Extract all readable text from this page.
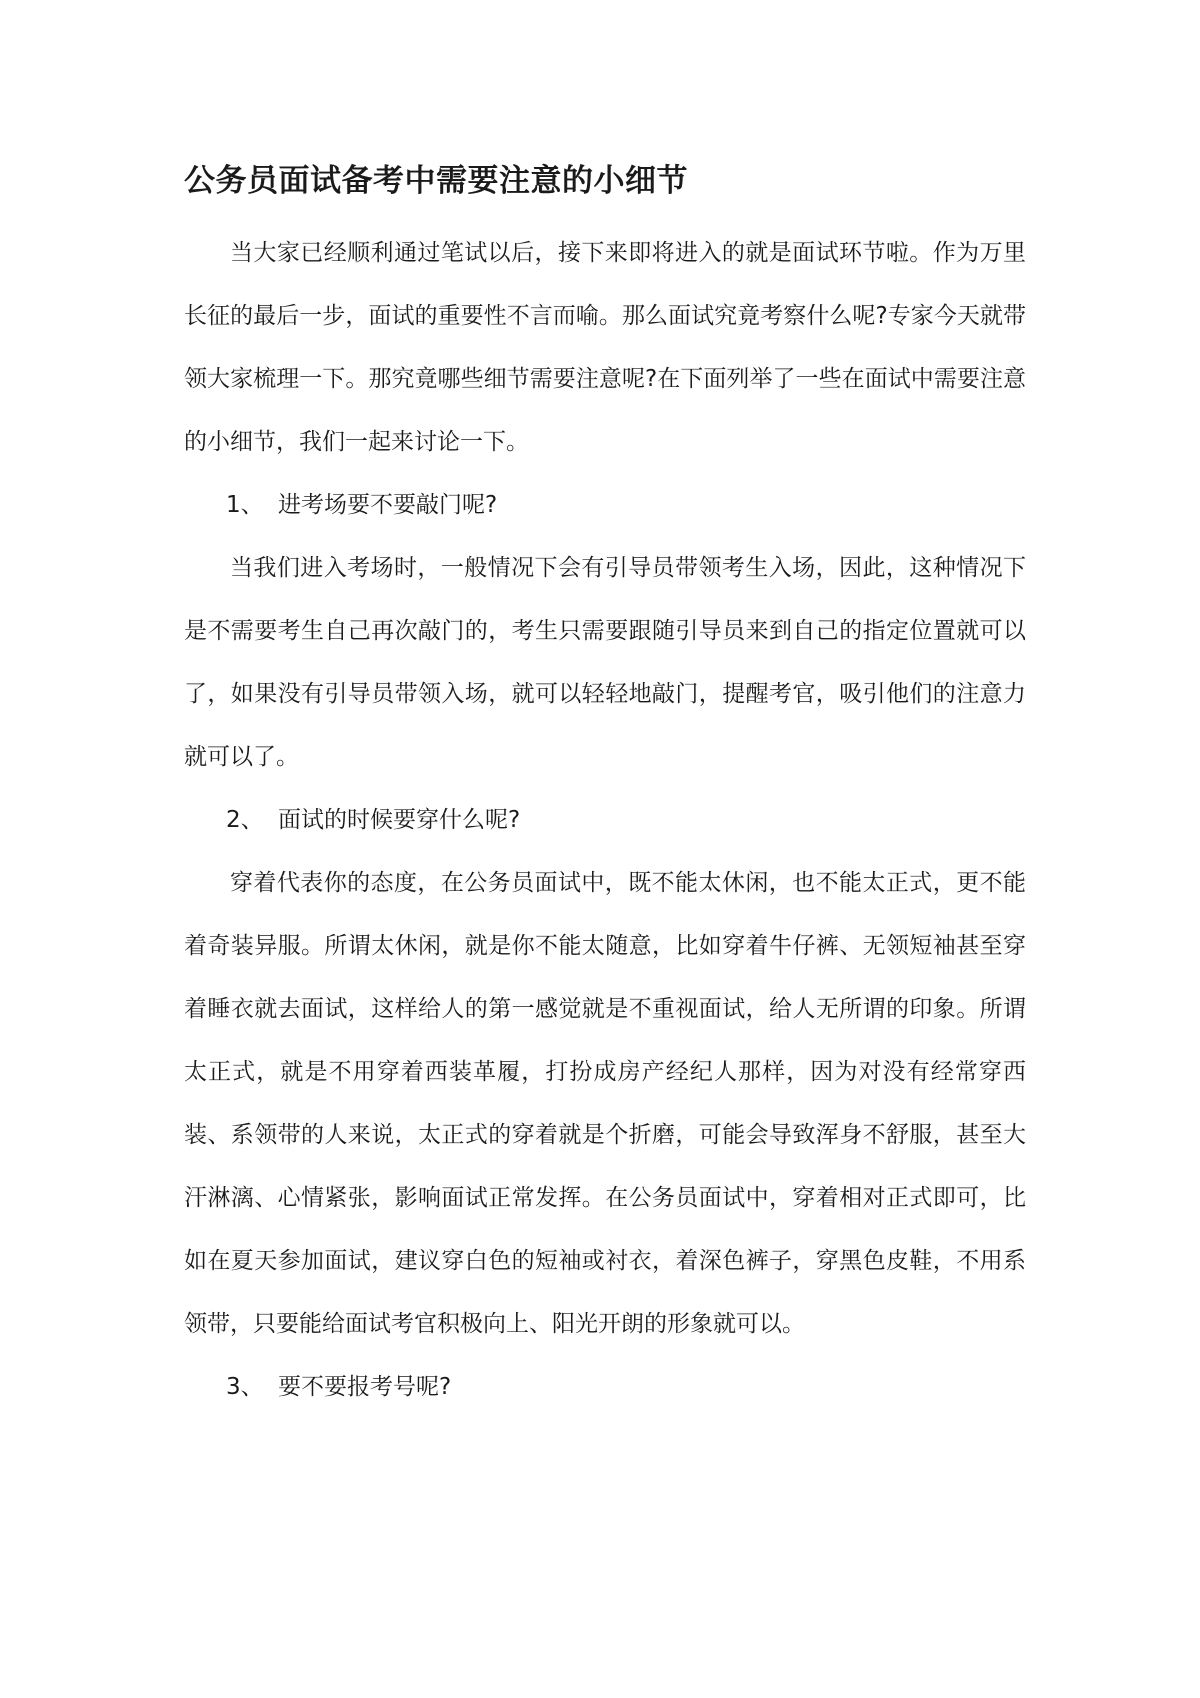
公务员面试备考中需要注意的小细节

当大家已经顺利通过笔试以后，接下来即将进入的就是面试环节啦。作为万里长征的最后一步，面试的重要性不言而喻。那么面试究竟考察什么呢?专家今天就带领大家梳理一下。那究竟哪些细节需要注意呢?在下面列举了一些在面试中需要注意的小细节，我们一起来讨论一下。

1、 进考场要不要敲门呢?

当我们进入考场时，一般情况下会有引导员带领考生入场，因此，这种情况下是不需要考生自己再次敲门的，考生只需要跟随引导员来到自己的指定位置就可以了，如果没有引导员带领入场，就可以轻轻地敲门，提醒考官，吸引他们的注意力就可以了。

2、 面试的时候要穿什么呢?

穿着代表你的态度，在公务员面试中，既不能太休闲，也不能太正式，更不能着奇装异服。所谓太休闲，就是你不能太随意，比如穿着牛仔裤、无领短袖甚至穿着睡衣就去面试，这样给人的第一感觉就是不重视面试，给人无所谓的印象。所谓太正式，就是不用穿着西装革履，打扮成房产经纪人那样，因为对没有经常穿西装、系领带的人来说，太正式的穿着就是个折磨，可能会导致浑身不舒服，甚至大汗淋漓、心情紧张，影响面试正常发挥。在公务员面试中，穿着相对正式即可，比如在夏天参加面试，建议穿白色的短袖或衬衣，着深色裤子，穿黑色皮鞋，不用系领带，只要能给面试考官积极向上、阳光开朗的形象就可以。

3、 要不要报考号呢?
